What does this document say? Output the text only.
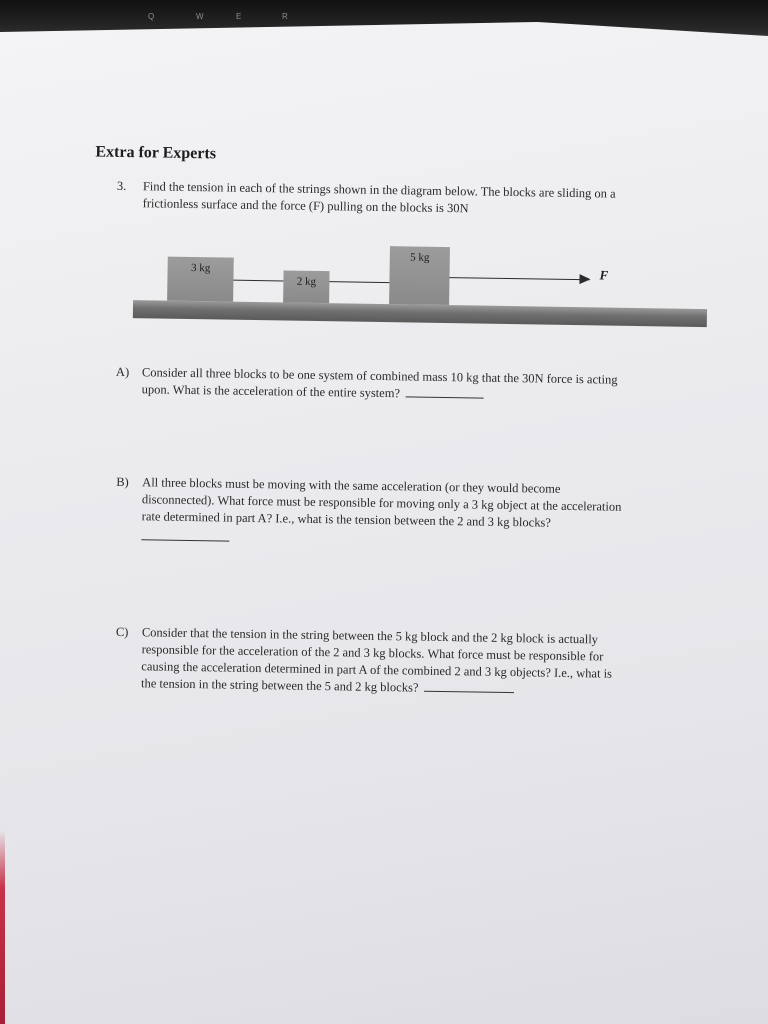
Q	W	E	R
Extra for Experts
3. Find the tension in each of the strings shown in the diagram below. The blocks are sliding on a
frictionless surface and the force (F) pulling on the blocks is 30N
3 kg
2 kg
5 kg
F
A) Consider all three blocks to be one system of combined mass 10 kg that the 30N force is acting
upon. What is the acceleration of the entire system?
B) All three blocks must be moving with the same acceleration (or they would become
disconnected). What force must be responsible for moving only a 3 kg object at the acceleration
rate determined in part A? I.e., what is the tension between the 2 and 3 kg blocks?
C) Consider that the tension in the string between the 5 kg block and the 2 kg block is actually
responsible for the acceleration of the 2 and 3 kg blocks. What force must be responsible for
causing the acceleration determined in part A of the combined 2 and 3 kg objects? I.e., what is
the tension in the string between the 5 and 2 kg blocks?
